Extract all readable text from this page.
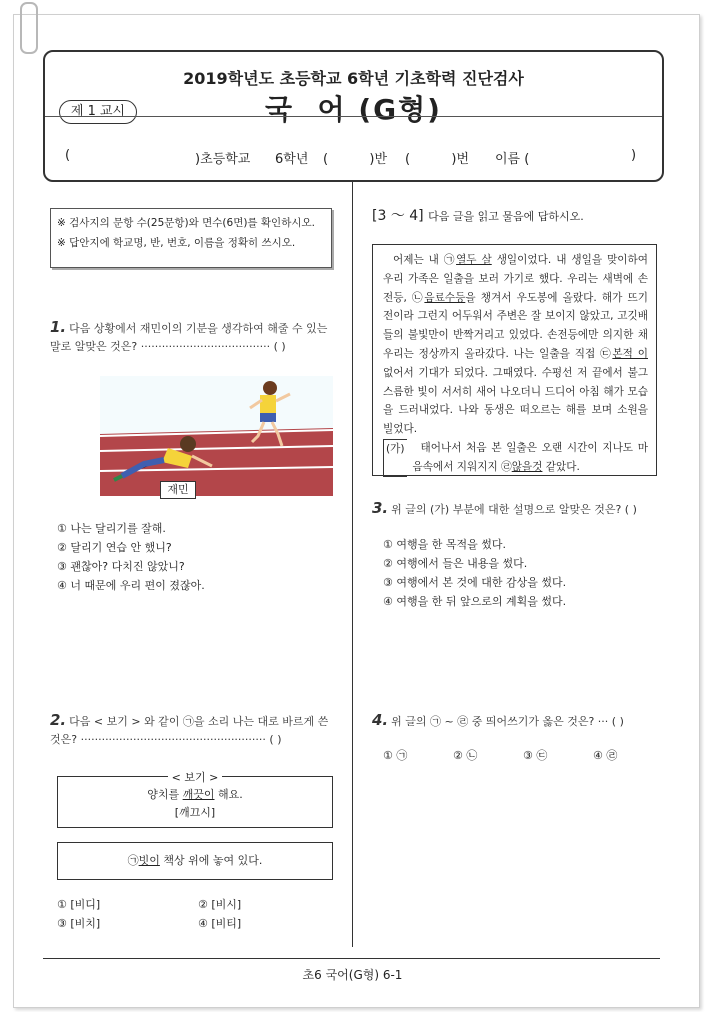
2019학년도 초등학교 6학년 기초학력 진단검사
국  어 (G형)
제 1 교시
(	)초등학교 6학년 (          )반 (          )번 이름 (	)
※ 검사지의 문항 수(25문항)와 면수(6면)를 확인하시오.
※ 답안지에 학교명, 반, 번호, 이름을 정확히 쓰시오.
1. 다음 상황에서 재민이의 기분을 생각하여 해줄 수 있는 말로 알맞은 것은? ····································· ( )
재민
① 나는 달리기를 잘해.
② 달리기 연습 안 했니?
③ 괜찮아? 다치진 않았니?
④ 너 때문에 우리 편이 졌잖아.
2. 다음 < 보기 > 와 같이 ㉠을 소리 나는 대로 바르게 쓴 것은? ····················································· ( )
< 보기 >
양치를 깨끗이 해요.
[깨끄시]
㉠빗이 책상 위에 놓여 있다.
① [비디]
③ [비치]
② [비시]
④ [비티]
[3 ～ 4] 다음 글을 읽고 물음에 답하시오.
어제는 내 ㉠열두 살 생일이었다. 내 생일을 맞이하여 우리 가족은 일출을 보러 가기로 했다. 우리는 새벽에 손전등, ㉡음료수등을 챙겨서 우도봉에 올랐다. 해가 뜨기 전이라 그런지 어두워서 주변은 잘 보이지 않았고, 고깃배들의 불빛만이 반짝거리고 있었다. 손전등에만 의지한 채 우리는 정상까지 올라갔다. 나는 일출을 직접 ㉢본적 이 없어서 기대가 되었다. 그때였다. 수평선 저 끝에서 불그스름한 빛이 서서히 새어 나오더니 드디어 아침 해가 모습을 드러내었다. 나와 동생은 떠오르는 해를 보며 소원을 빌었다.
(가)	태어나서 처음 본 일출은 오랜 시간이 지나도 마음속에서 지워지지 ㉣않을것 같았다.
3. 위 글의 (가) 부분에 대한 설명으로 알맞은 것은? ( )
① 여행을 한 목적을 썼다.
② 여행에서 들은 내용을 썼다.
③ 여행에서 본 것에 대한 감상을 썼다.
④ 여행을 한 뒤 앞으로의 계획을 썼다.
4. 위 글의 ㉠ ~ ㉣ 중 띄어쓰기가 옳은 것은? ··· ( )
① ㉠	② ㉡	③ ㉢	④ ㉣
초6 국어(G형) 6-1
